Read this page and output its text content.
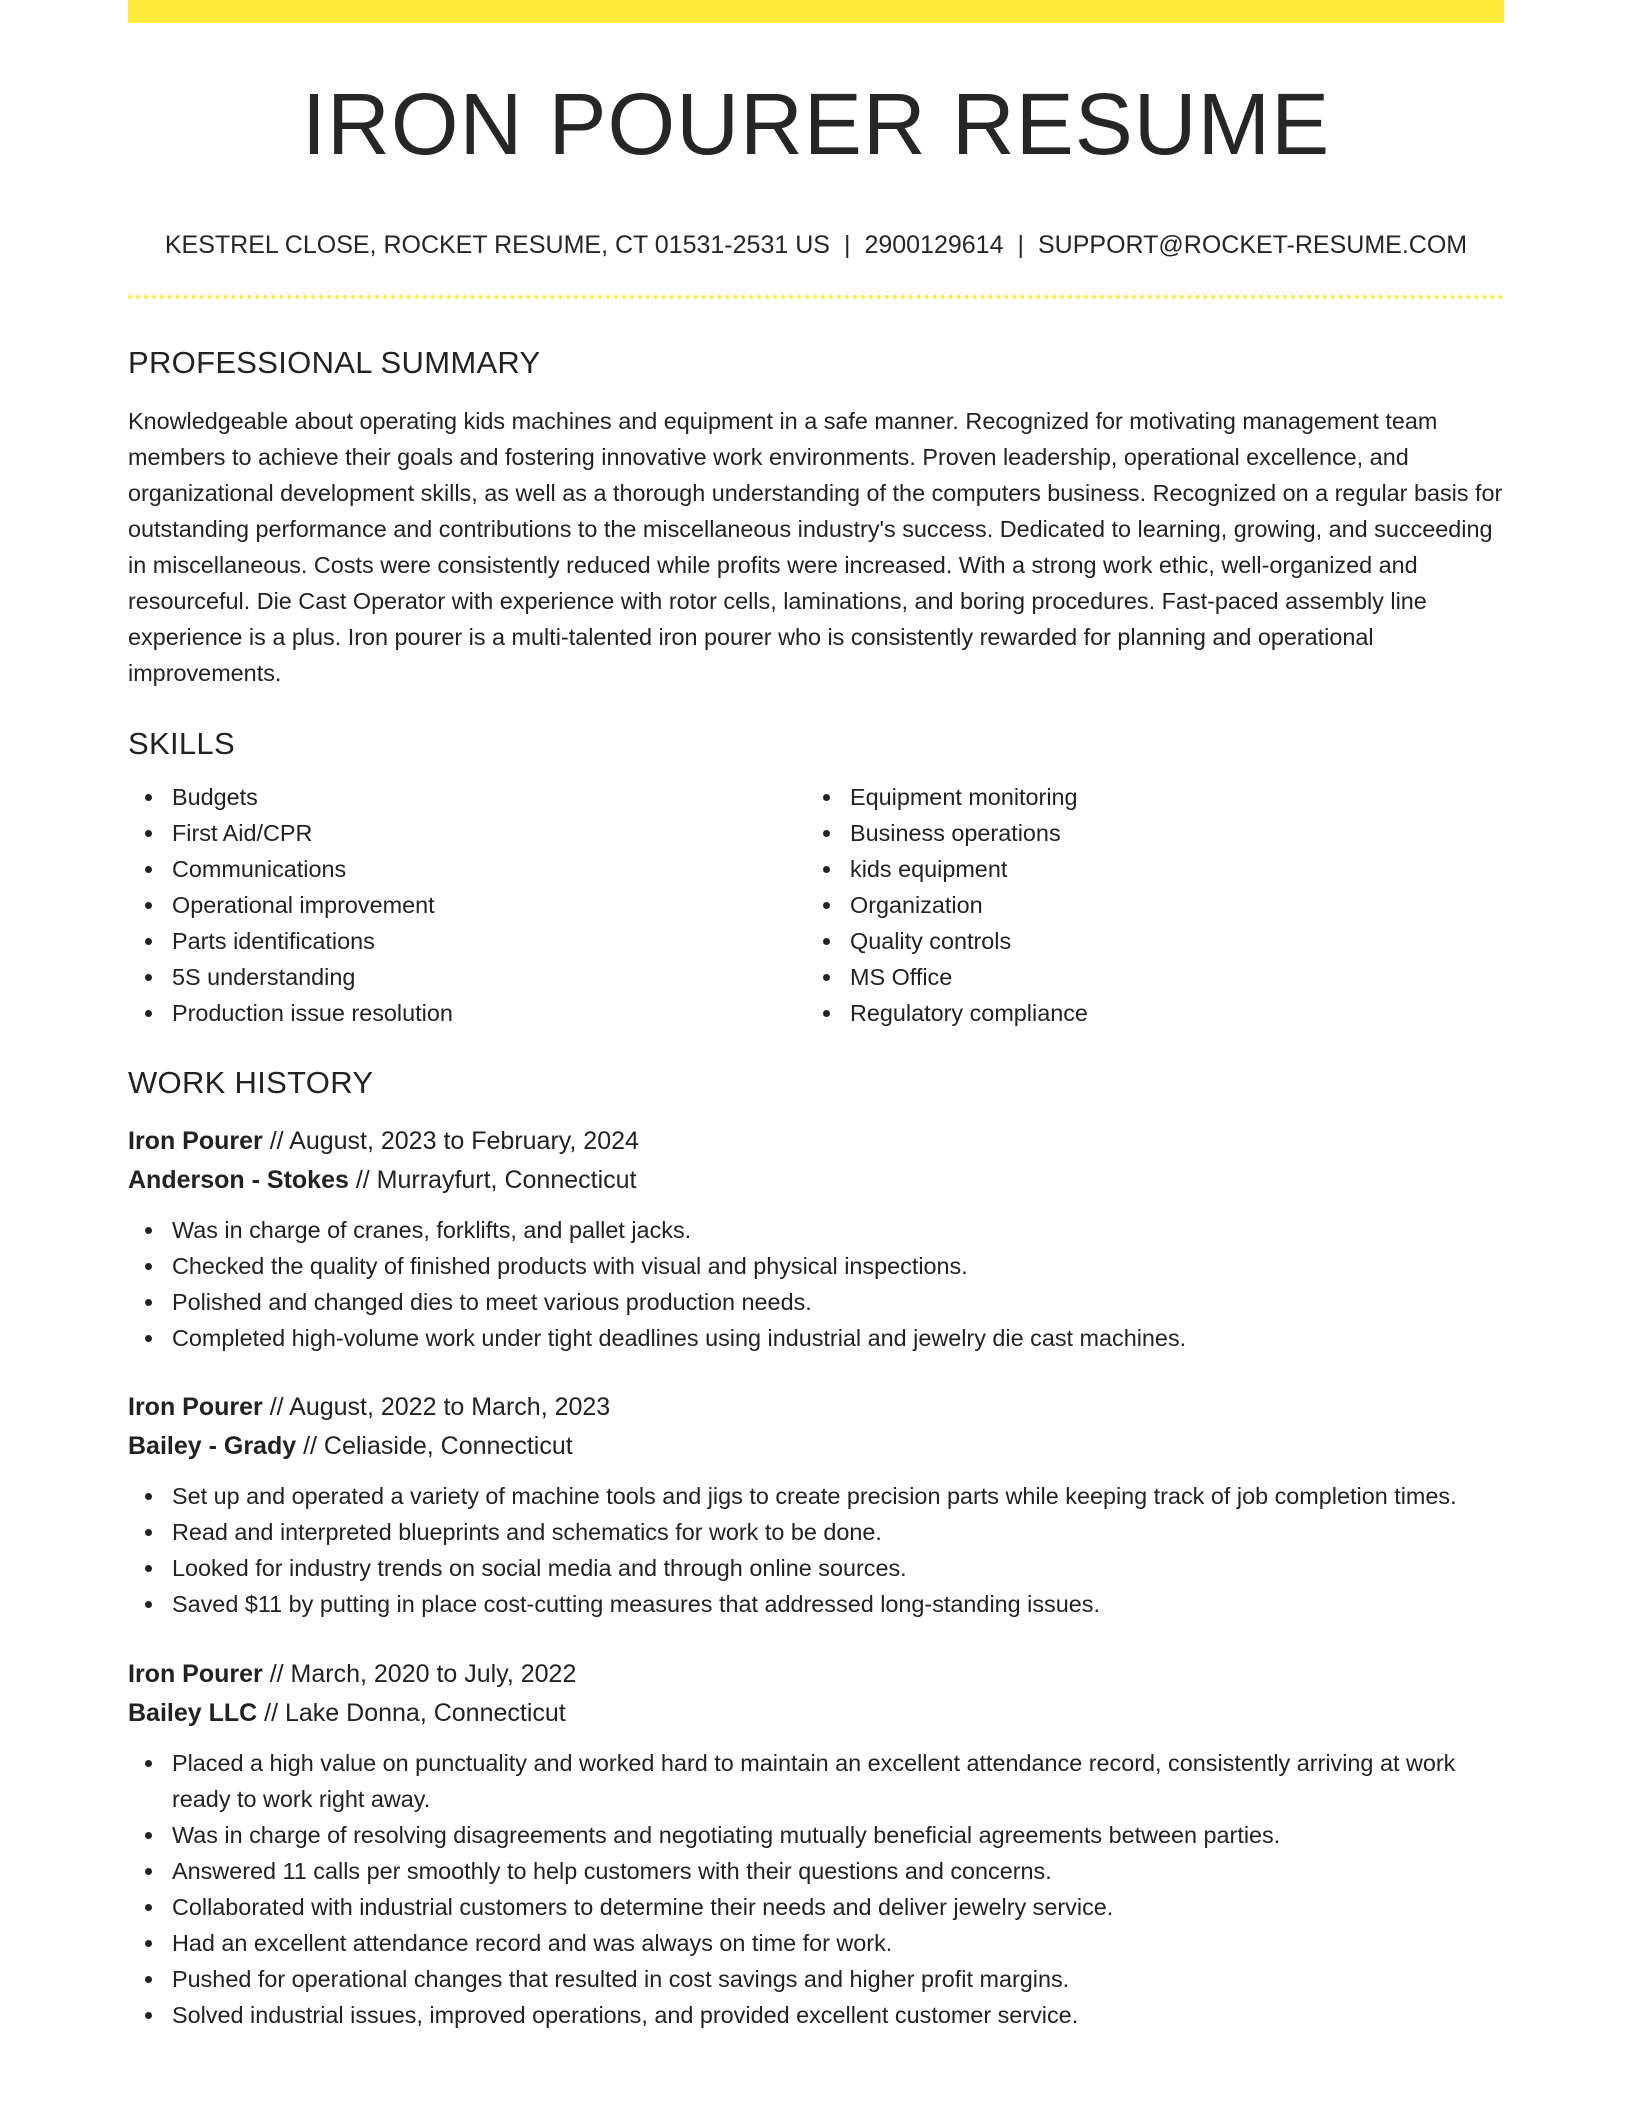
IRON POURER RESUME
KESTREL CLOSE, ROCKET RESUME, CT 01531-2531 US | 2900129614 | SUPPORT@ROCKET-RESUME.COM
PROFESSIONAL SUMMARY

Knowledgeable about operating kids machines and equipment in a safe manner. Recognized for motivating management team members to achieve their goals and fostering innovative work environments. Proven leadership, operational excellence, and organizational development skills, as well as a thorough understanding of the computers business. Recognized on a regular basis for outstanding performance and contributions to the miscellaneous industry's success. Dedicated to learning, growing, and succeeding in miscellaneous. Costs were consistently reduced while profits were increased. With a strong work ethic, well-organized and resourceful. Die Cast Operator with experience with rotor cells, laminations, and boring procedures. Fast-paced assembly line experience is a plus. Iron pourer is a multi-talented iron pourer who is consistently rewarded for planning and operational improvements.

SKILLS
Budgets
First Aid/CPR
Communications
Operational improvement
Parts identifications
5S understanding
Production issue resolution
Equipment monitoring
Business operations
kids equipment
Organization
Quality controls
MS Office
Regulatory compliance
WORK HISTORY
Iron Pourer // August, 2023 to February, 2024
Anderson - Stokes // Murrayfurt, Connecticut
Was in charge of cranes, forklifts, and pallet jacks.
Checked the quality of finished products with visual and physical inspections.
Polished and changed dies to meet various production needs.
Completed high-volume work under tight deadlines using industrial and jewelry die cast machines.
Iron Pourer // August, 2022 to March, 2023
Bailey - Grady // Celiaside, Connecticut
Set up and operated a variety of machine tools and jigs to create precision parts while keeping track of job completion times.
Read and interpreted blueprints and schematics for work to be done.
Looked for industry trends on social media and through online sources.
Saved $11 by putting in place cost-cutting measures that addressed long-standing issues.
Iron Pourer // March, 2020 to July, 2022
Bailey LLC // Lake Donna, Connecticut
Placed a high value on punctuality and worked hard to maintain an excellent attendance record, consistently arriving at work ready to work right away.
Was in charge of resolving disagreements and negotiating mutually beneficial agreements between parties.
Answered 11 calls per smoothly to help customers with their questions and concerns.
Collaborated with industrial customers to determine their needs and deliver jewelry service.
Had an excellent attendance record and was always on time for work.
Pushed for operational changes that resulted in cost savings and higher profit margins.
Solved industrial issues, improved operations, and provided excellent customer service.
